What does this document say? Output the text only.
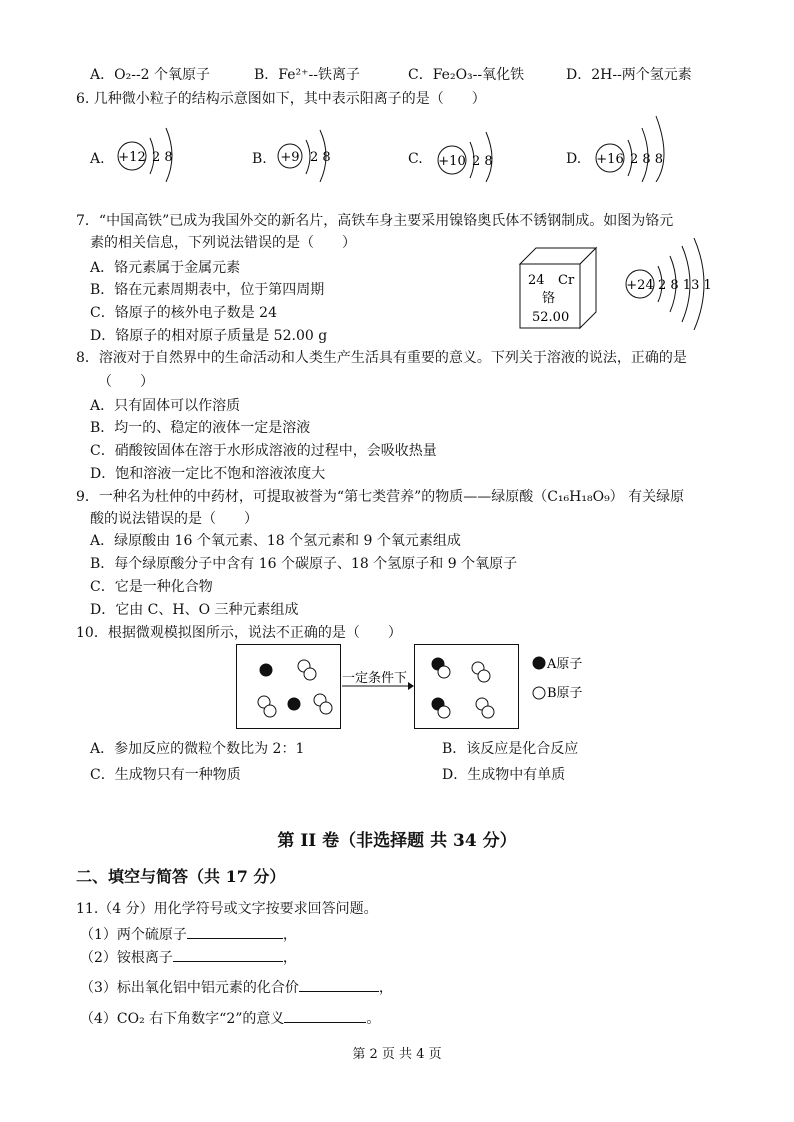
A．O₂--2 个氧原子	B．Fe²⁺--铁离子	C．Fe₂O₃--氧化铁	D．2H--两个氢元素
6. 几种微小粒子的结构示意图如下，其中表示阳离子的是（　　）
A. +12 2 8	B. +9 2 8	C. +10 2 8	D. +16 2 8 8
7．“中国高铁”已成为我国外交的新名片，高铁车身主要采用镍铬奥氏体不锈钢制成。如图为铬元
素的相关信息，下列说法错误的是（　　）
A．铬元素属于金属元素
B．铬在元素周期表中，位于第四周期
C．铬原子的核外电子数是 24
D．铬原子的相对原子质量是 52.00 g
24 Cr
铬
52.00
+24 2 8 13 1
8．溶液对于自然界中的生命活动和人类生产生活具有重要的意义。下列关于溶液的说法，正确的是
（　　）
A．只有固体可以作溶质
B．均一的、稳定的液体一定是溶液
C．硝酸铵固体在溶于水形成溶液的过程中，会吸收热量
D．饱和溶液一定比不饱和溶液浓度大
9．一种名为杜仲的中药材，可提取被誉为“第七类营养”的物质——绿原酸（C₁₆H₁₈O₉） 有关绿原
酸的说法错误的是（　　）
A．绿原酸由 16 个氧元素、18 个氢元素和 9 个氧元素组成
B．每个绿原酸分子中含有 16 个碳原子、18 个氢原子和 9 个氧原子
C．它是一种化合物
D．它由 C、H、O 三种元素组成
10．根据微观模拟图所示，说法不正确的是（　　）
一定条件下
A原子
B原子
A．参加反应的微粒个数比为 2：1	B．该反应是化合反应
C．生成物只有一种物质	D．生成物中有单质
第 II 卷（非选择题 共 34 分）
二、填空与简答（共 17 分）
11.（4 分）用化学符号或文字按要求回答问题。
（1）两个硫原子	，
（2）铵根离子	，
（3）标出氧化铝中铝元素的化合价	，
（4）CO₂ 右下角数字“2”的意义	。
第 2 页 共 4 页
